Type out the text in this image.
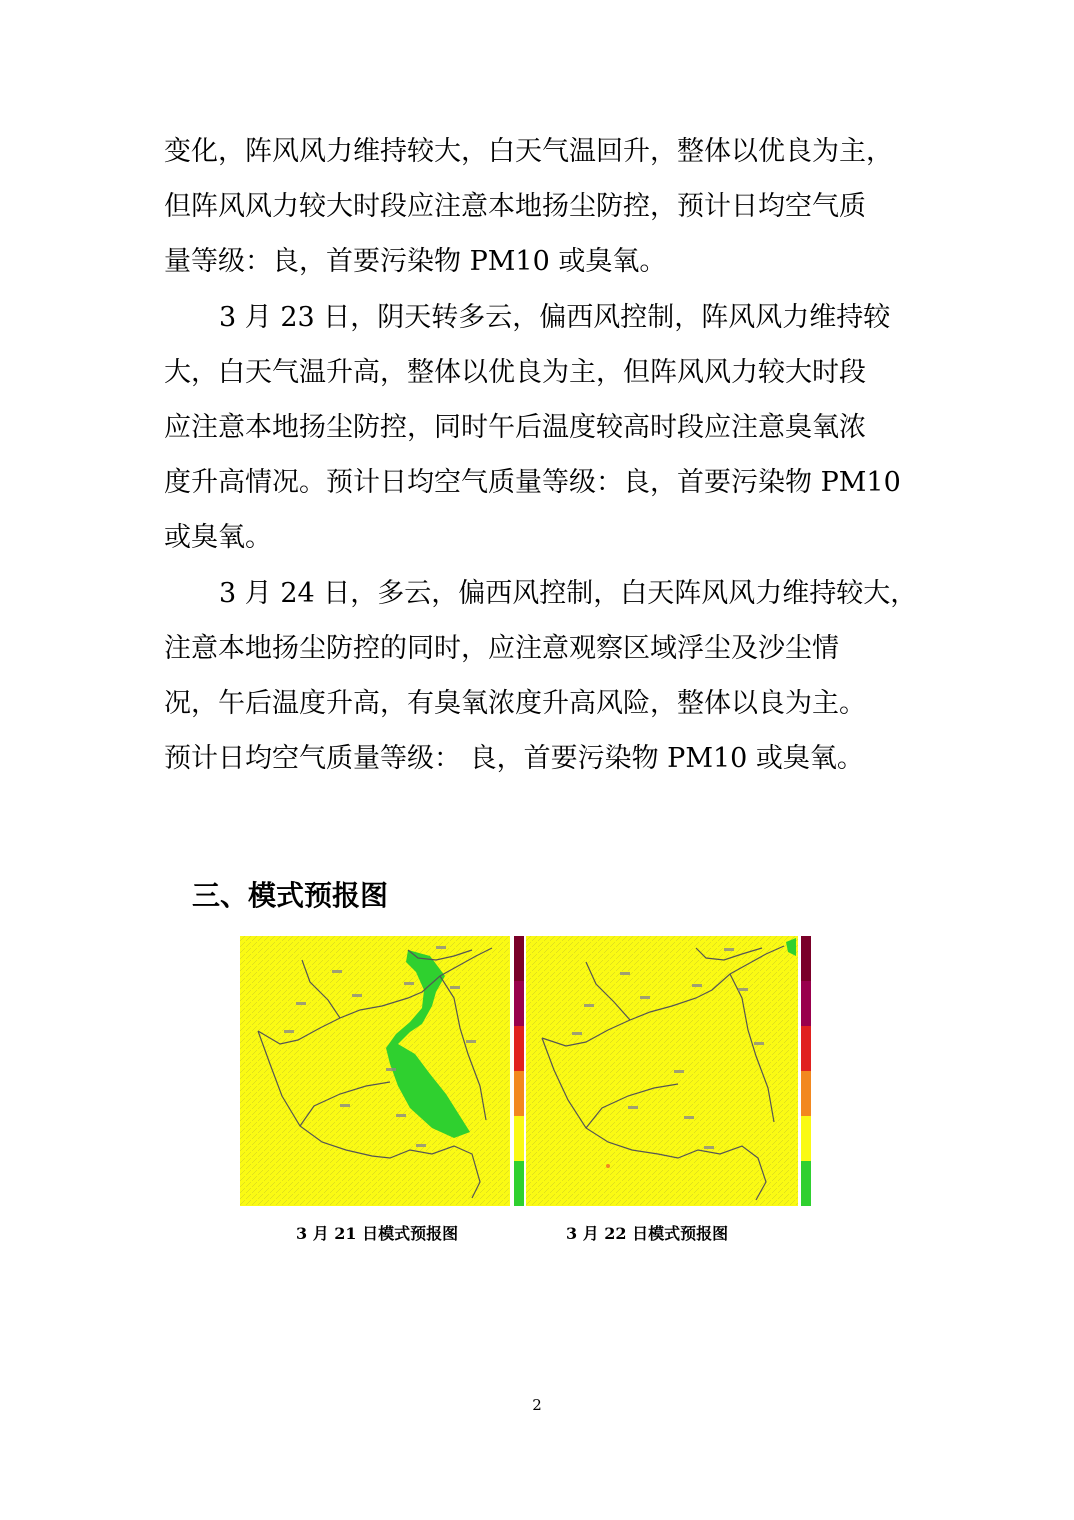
变化，阵风风力维持较大，白天气温回升，整体以优良为主，
但阵风风力较大时段应注意本地扬尘防控，预计日均空气质
量等级：良，首要污染物 PM10 或臭氧。
3 月 23 日，阴天转多云，偏西风控制，阵风风力维持较
大，白天气温升高，整体以优良为主，但阵风风力较大时段
应注意本地扬尘防控，同时午后温度较高时段应注意臭氧浓
度升高情况。预计日均空气质量等级：良，首要污染物 PM10
或臭氧。
3 月 24 日，多云，偏西风控制，白天阵风风力维持较大，
注意本地扬尘防控的同时，应注意观察区域浮尘及沙尘情
况，午后温度升高，有臭氧浓度升高风险，整体以良为主。
预计日均空气质量等级： 良，首要污染物 PM10 或臭氧。
三、模式预报图

3 月 21 日模式预报图	3 月 22 日模式预报图

2
